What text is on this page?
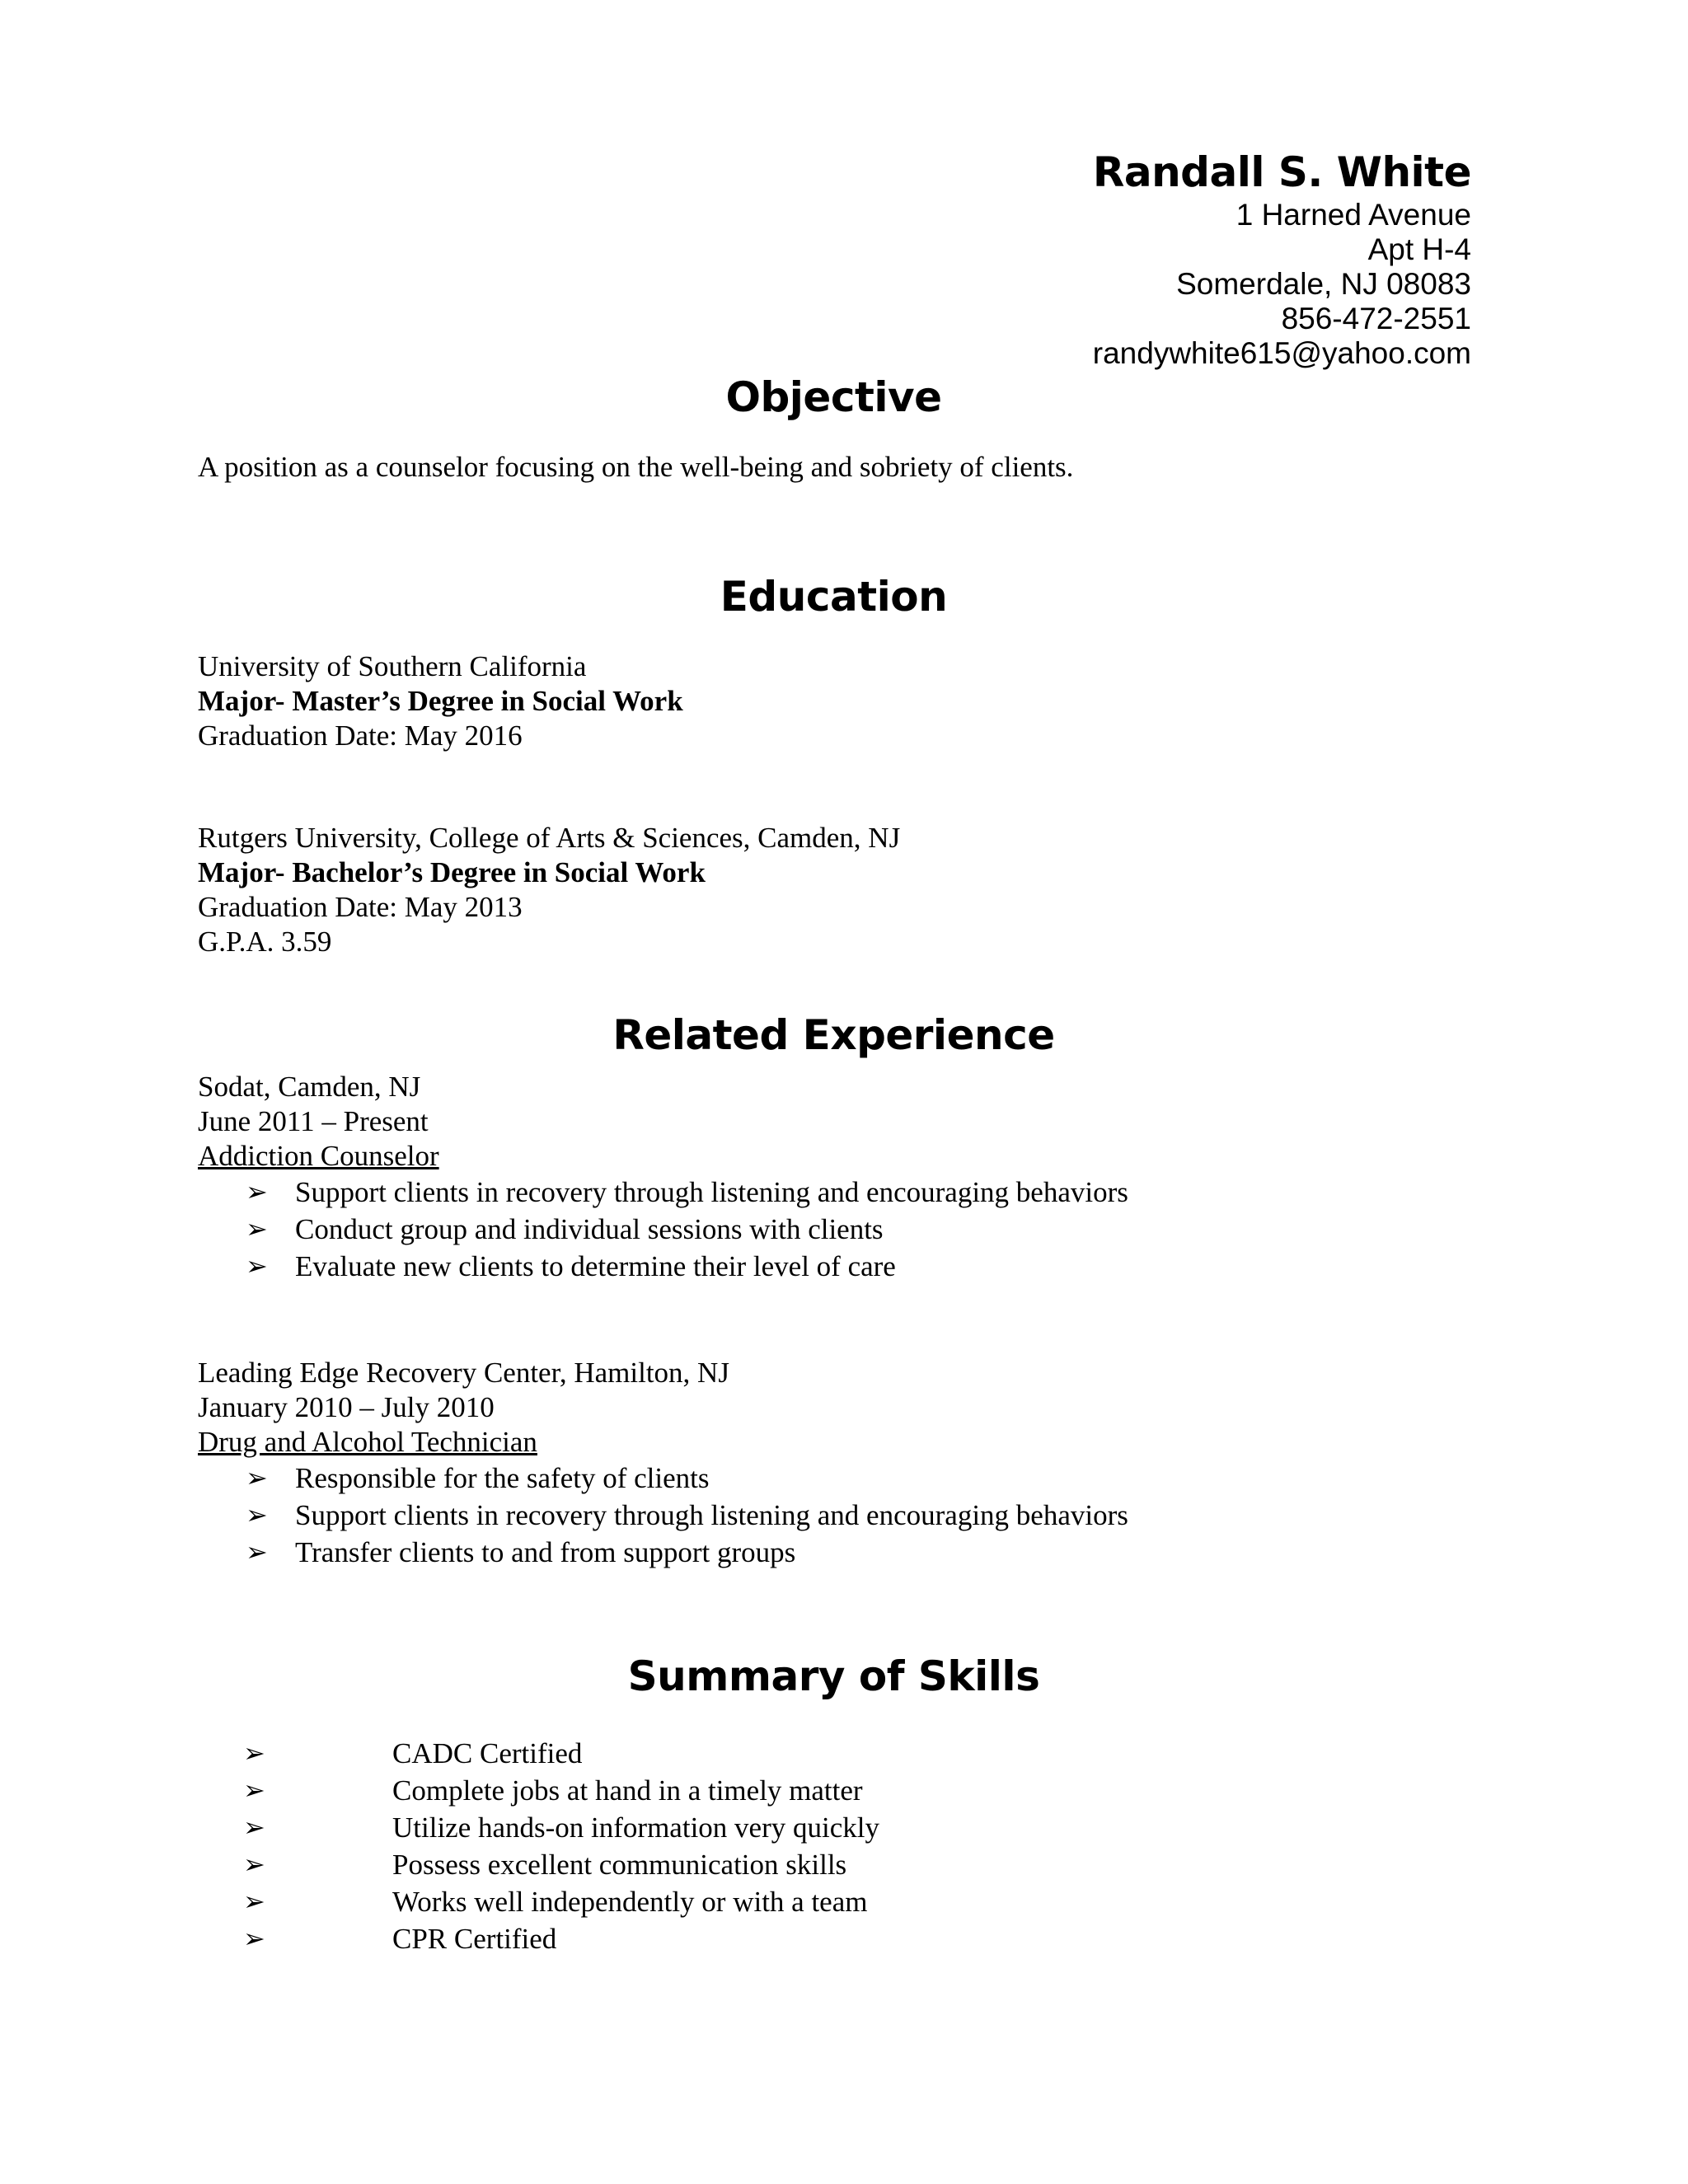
Randall S. White

1 Harned Avenue

Apt H-4

Somerdale, NJ 08083

856-472-2551

randywhite615@yahoo.com

Objective

A position as a counselor focusing on the well-being and sobriety of clients.

Education

University of Southern California

Major- Master’s Degree in Social Work

Graduation Date: May 2016

Rutgers University, College of Arts & Sciences, Camden, NJ

Major- Bachelor’s Degree in Social Work

Graduation Date: May 2013

G.P.A. 3.59

Related Experience

Sodat, Camden, NJ

June 2011 – Present

Addiction Counselor

➢ Support clients in recovery through listening and encouraging behaviors
➢ Conduct group and individual sessions with clients
➢ Evaluate new clients to determine their level of care

Leading Edge Recovery Center, Hamilton, NJ

January 2010 – July 2010

Drug and Alcohol Technician

➢ Responsible for the safety of clients
➢ Support clients in recovery through listening and encouraging behaviors
➢ Transfer clients to and from support groups
Summary of Skills
➢	CADC Certified
➢	Complete jobs at hand in a timely matter
➢	Utilize hands-on information very quickly
➢	Possess excellent communication skills
➢	Works well independently or with a team
➢	CPR Certified
